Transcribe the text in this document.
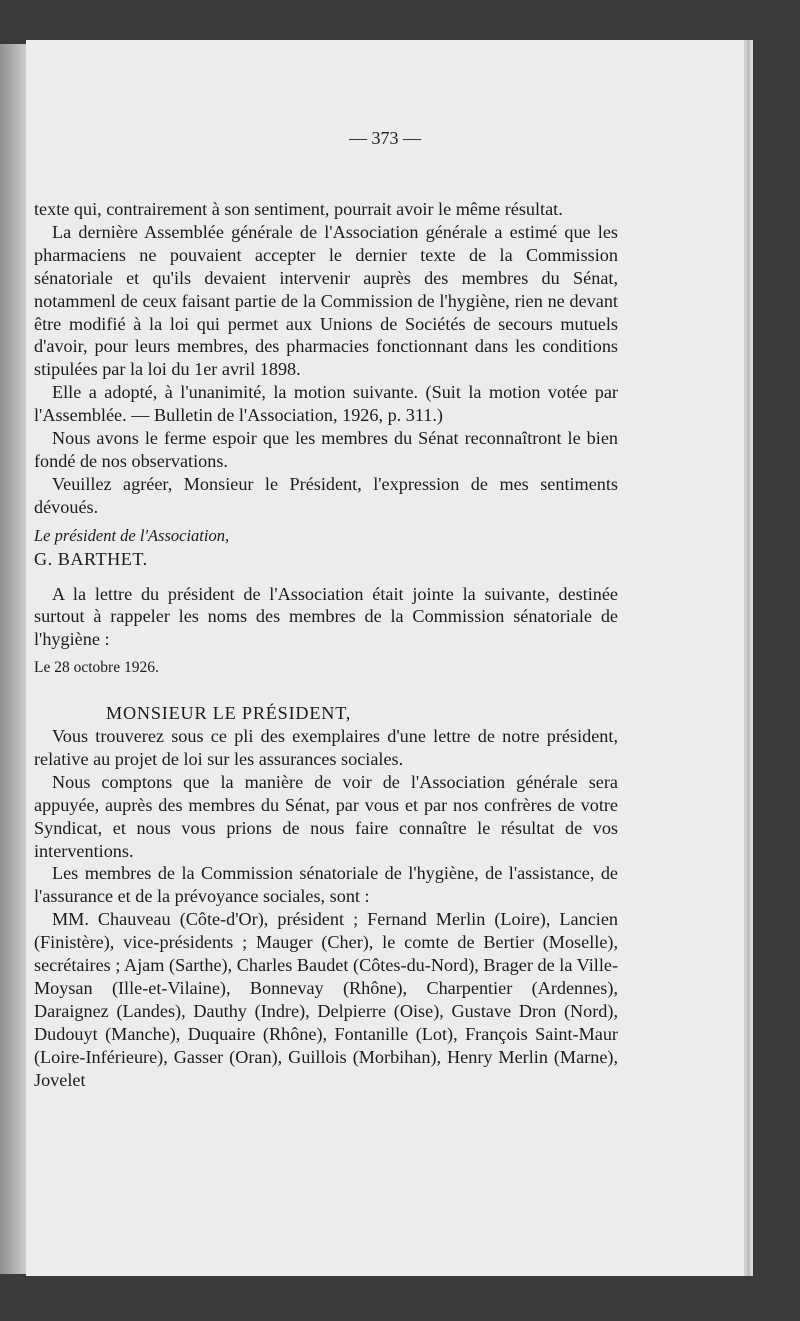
— 373 —

texte qui, contrairement à son sentiment, pourrait avoir le même résultat.

La dernière Assemblée générale de l'Association générale a estimé que les pharmaciens ne pouvaient accepter le dernier texte de la Commission sénatoriale et qu'ils devaient intervenir auprès des membres du Sénat, notammenl de ceux faisant partie de la Commission de l'hygiène, rien ne devant être modifié à la loi qui permet aux Unions de Sociétés de secours mutuels d'avoir, pour leurs membres, des pharmacies fonctionnant dans les conditions stipulées par la loi du 1er avril 1898.

Elle a adopté, à l'unanimité, la motion suivante. (Suit la motion votée par l'Assemblée. — Bulletin de l'Association, 1926, p. 311.)

Nous avons le ferme espoir que les membres du Sénat reconnaîtront le bien fondé de nos observations.

Veuillez agréer, Monsieur le Président, l'expression de mes sentiments dévoués.

Le président de l'Association,

G. BARTHET.

A la lettre du président de l'Association était jointe la suivante, destinée surtout à rappeler les noms des membres de la Commission sénatoriale de l'hygiène :

Le 28 octobre 1926.

MONSIEUR LE PRÉSIDENT,

Vous trouverez sous ce pli des exemplaires d'une lettre de notre président, relative au projet de loi sur les assurances sociales.

Nous comptons que la manière de voir de l'Association générale sera appuyée, auprès des membres du Sénat, par vous et par nos confrères de votre Syndicat, et nous vous prions de nous faire connaître le résultat de vos interventions.

Les membres de la Commission sénatoriale de l'hygiène, de l'assistance, de l'assurance et de la prévoyance sociales, sont :

MM. Chauveau (Côte-d'Or), président ; Fernand Merlin (Loire), Lancien (Finistère), vice-présidents ; Mauger (Cher), le comte de Bertier (Moselle), secrétaires ; Ajam (Sarthe), Charles Baudet (Côtes-du-Nord), Brager de la Ville-Moysan (Ille-et-Vilaine), Bonnevay (Rhône), Charpentier (Ardennes), Daraignez (Landes), Dauthy (Indre), Delpierre (Oise), Gustave Dron (Nord), Dudouyt (Manche), Duquaire (Rhône), Fontanille (Lot), François Saint-Maur (Loire-Inférieure), Gasser (Oran), Guillois (Morbihan), Henry Merlin (Marne), Jovelet
